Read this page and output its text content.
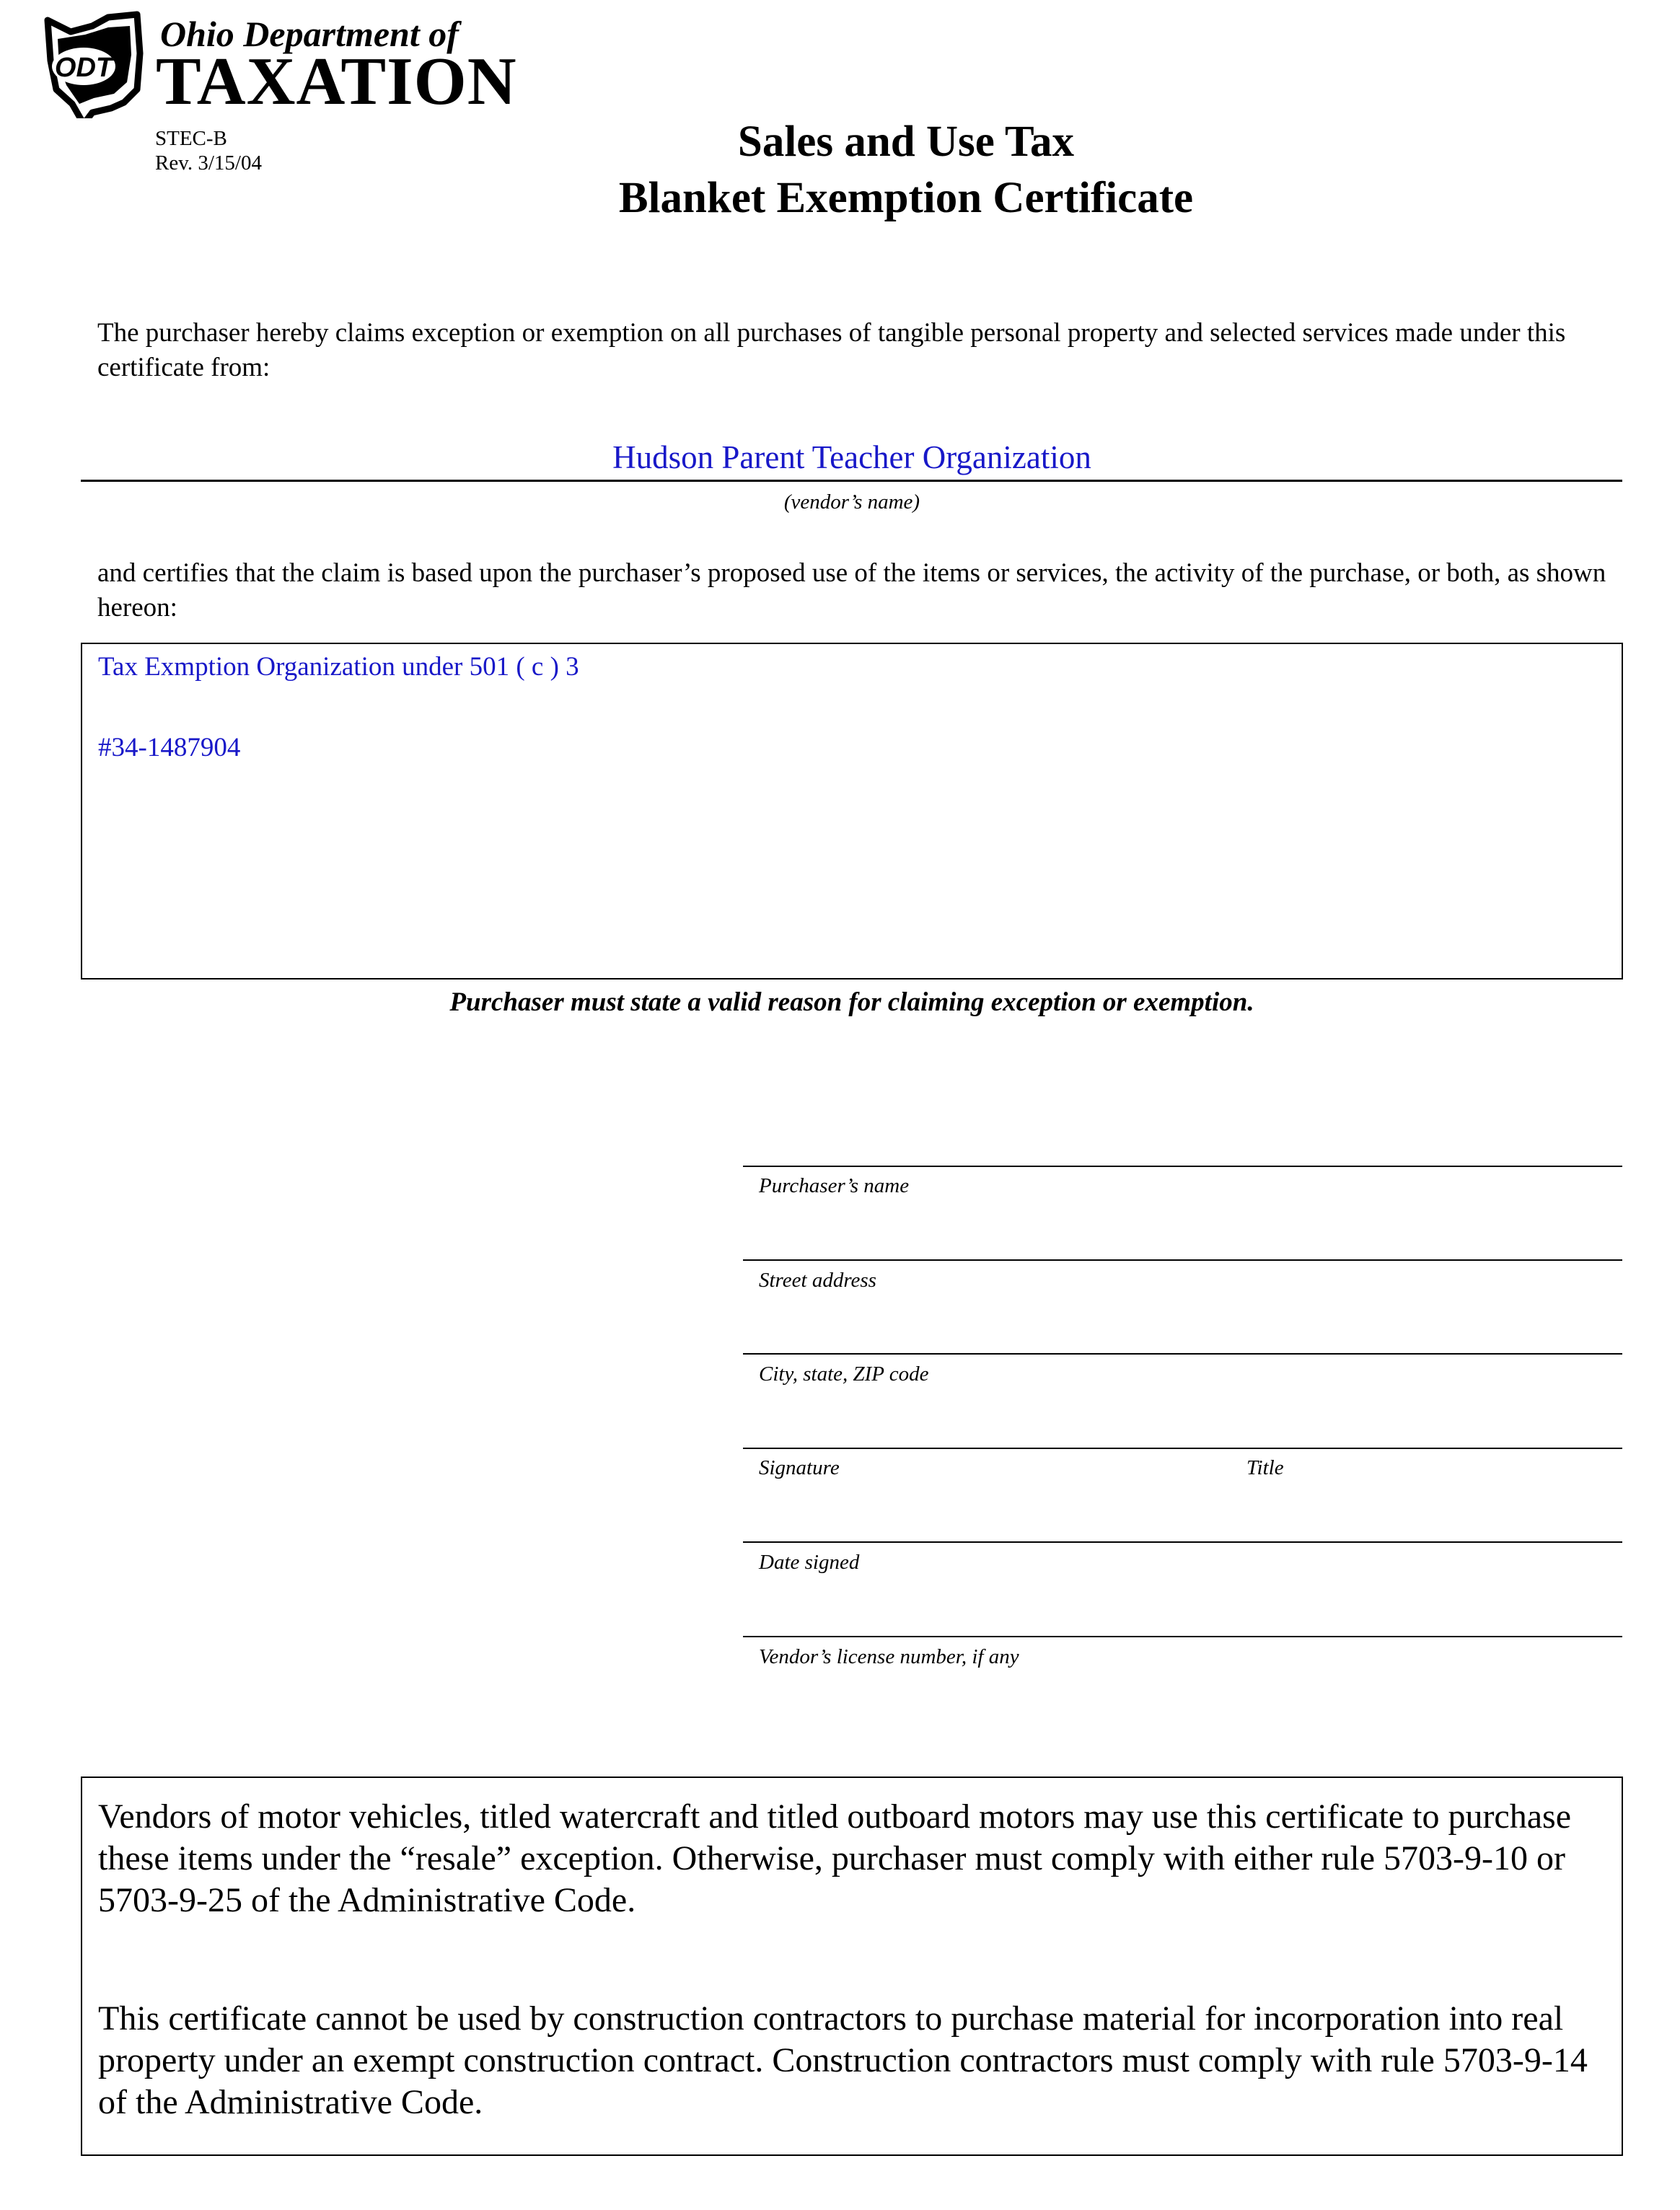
ODT
Ohio Department of
TAXATION
STEC-B
Rev. 3/15/04	Sales and Use Tax
Blanket Exemption Certificate
The purchaser hereby claims exception or exemption on all purchases of tangible personal property and selected services made under this certificate from:
Hudson Parent Teacher Organization
(vendor’s name)
and certifies that the claim is based upon the purchaser’s proposed use of the items or services, the activity of the purchase, or both, as shown hereon:
Tax Exmption Organization under 501 ( c ) 3
#34-1487904
Purchaser must state a valid reason for claiming exception or exemption.
Purchaser’s name
Street address
City, state, ZIP code
Signature	Title
Date signed
Vendor’s license number, if any
Vendors of motor vehicles, titled watercraft and titled outboard motors may use this certificate to purchase these items under the “resale” exception. Otherwise, purchaser must comply with either rule 5703-9-10 or 5703-9-25 of the Administrative Code.
This certificate cannot be used by construction contractors to purchase material for incorporation into real property under an exempt construction contract. Construction contractors must comply with rule 5703-9-14 of the Administrative Code.
